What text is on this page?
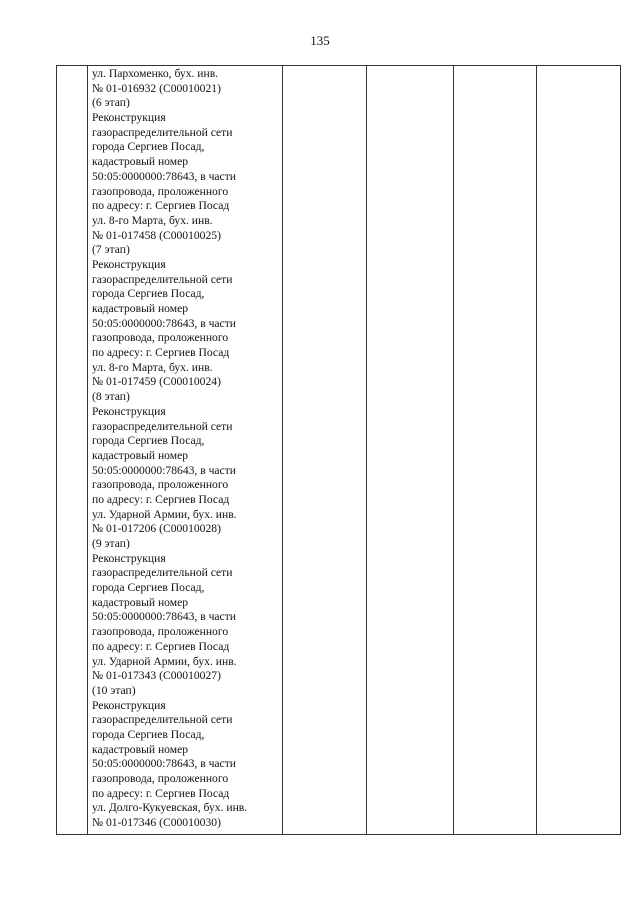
135

ул. Пархоменко, бух. инв.
№ 01-016932 (C00010021)
(6 этап)
Реконструкция
газораспределительной сети
города Сергиев Посад,
кадастровый номер
50:05:0000000:78643, в части
газопровода, проложенного
по адресу: г. Сергиев Посад
ул. 8-го Марта, бух. инв.
№ 01-017458 (C00010025)
(7 этап)
Реконструкция
газораспределительной сети
города Сергиев Посад,
кадастровый номер
50:05:0000000:78643, в части
газопровода, проложенного
по адресу: г. Сергиев Посад
ул. 8-го Марта, бух. инв.
№ 01-017459 (C00010024)
(8 этап)
Реконструкция
газораспределительной сети
города Сергиев Посад,
кадастровый номер
50:05:0000000:78643, в части
газопровода, проложенного
по адресу: г. Сергиев Посад
ул. Ударной Армии, бух. инв.
№ 01-017206 (C00010028)
(9 этап)
Реконструкция
газораспределительной сети
города Сергиев Посад,
кадастровый номер
50:05:0000000:78643, в части
газопровода, проложенного
по адресу: г. Сергиев Посад
ул. Ударной Армии, бух. инв.
№ 01-017343 (C00010027)
(10 этап)
Реконструкция
газораспределительной сети
города Сергиев Посад,
кадастровый номер
50:05:0000000:78643, в части
газопровода, проложенного
по адресу: г. Сергиев Посад
ул. Долго-Кукуевская, бух. инв.
№ 01-017346 (C00010030)
